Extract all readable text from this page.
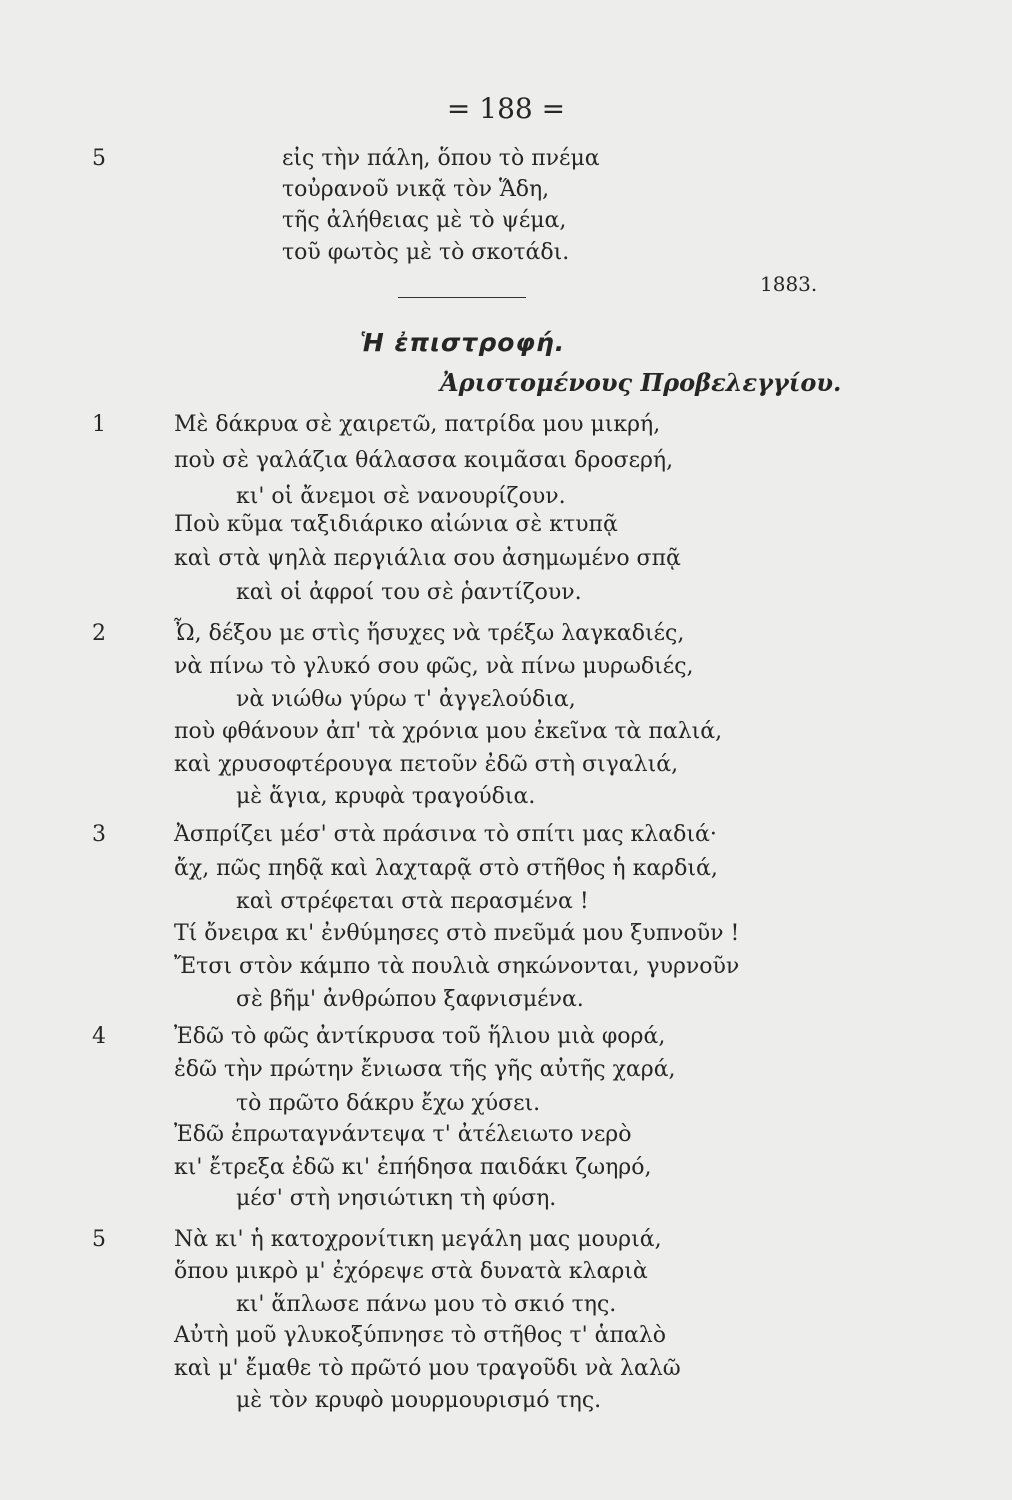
= 188 =
5	εἰς τὴν πάλη, ὅπου τὸ πνέμα
τοὐρανοῦ νικᾷ τὸν Ἅδη,
τῆς ἀλήθειας μὲ τὸ ψέμα,
τοῦ φωτὸς μὲ τὸ σκοτάδι.
1883.
Ἡ ἐπιστροφή.
Ἀριστομένους Προβελεγγίου.
1	Μὲ δάκρυα σὲ χαιρετῶ, πατρίδα μου μικρή,
ποὺ σὲ γαλάζια θάλασσα κοιμᾶσαι δροσερή,
κι' οἱ ἄνεμοι σὲ νανουρίζουν.
Ποὺ κῦμα ταξιδιάρικο αἰώνια σὲ κτυπᾷ
καὶ στὰ ψηλὰ περγιάλια σου ἀσημωμένο σπᾷ
καὶ οἱ ἀφροί του σὲ ῥαντίζουν.
2	Ὦ, δέξου με στὶς ἥσυχες νὰ τρέξω λαγκαδιές,
νὰ πίνω τὸ γλυκό σου φῶς, νὰ πίνω μυρωδιές,
νὰ νιώθω γύρω τ' ἀγγελούδια,
ποὺ φθάνουν ἀπ' τὰ χρόνια μου ἐκεῖνα τὰ παλιά,
καὶ χρυσοφτέρουγα πετοῦν ἐδῶ στὴ σιγαλιά,
μὲ ἅγια, κρυφὰ τραγούδια.
3	Ἀσπρίζει μέσ' στὰ πράσινα τὸ σπίτι μας κλαδιά·
ἄχ, πῶς πηδᾷ καὶ λαχταρᾷ στὸ στῆθος ἡ καρδιά,
καὶ στρέφεται στὰ περασμένα !
Τί ὄνειρα κι' ἐνθύμησες στὸ πνεῦμά μου ξυπνοῦν !
Ἔτσι στὸν κάμπο τὰ πουλιὰ σηκώνονται, γυρνοῦν
σὲ βῆμ' ἀνθρώπου ξαφνισμένα.
4	Ἐδῶ τὸ φῶς ἀντίκρυσα τοῦ ἥλιου μιὰ φορά,
ἐδῶ τὴν πρώτην ἔνιωσα τῆς γῆς αὐτῆς χαρά,
τὸ πρῶτο δάκρυ ἔχω χύσει.
Ἐδῶ ἐπρωταγνάντεψα τ' ἀτέλειωτο νερὸ
κι' ἔτρεξα ἐδῶ κι' ἐπήδησα παιδάκι ζωηρό,
μέσ' στὴ νησιώτικη τὴ φύση.
5	Νὰ κι' ἡ κατοχρονίτικη μεγάλη μας μουριά,
ὅπου μικρὸ μ' ἐχόρεψε στὰ δυνατὰ κλαριὰ
κι' ἅπλωσε πάνω μου τὸ σκιό της.
Αὐτὴ μοῦ γλυκοξύπνησε τὸ στῆθος τ' ἁπαλὸ
καὶ μ' ἔμαθε τὸ πρῶτό μου τραγοῦδι νὰ λαλῶ
μὲ τὸν κρυφὸ μουρμουρισμό της.
